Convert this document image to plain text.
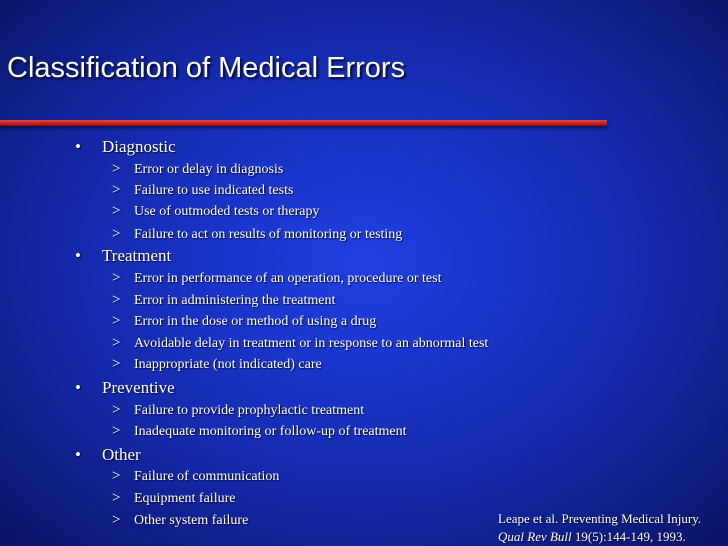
Classification of Medical Errors
• Diagnostic
> Error or delay in diagnosis
> Failure to use indicated tests
> Use of outmoded tests or therapy
> Failure to act on results of monitoring or testing
• Treatment
> Error in performance of an operation, procedure or test
> Error in administering the treatment
> Error in the dose or method of using a drug
> Avoidable delay in treatment or in response to an abnormal test
> Inappropriate (not indicated) care
• Preventive
> Failure to provide prophylactic treatment
> Inadequate monitoring or follow-up of treatment
• Other
> Failure of communication
> Equipment failure
> Other system failure	Leape et al. Preventing Medical Injury.
Qual Rev Bull 19(5):144-149, 1993.
